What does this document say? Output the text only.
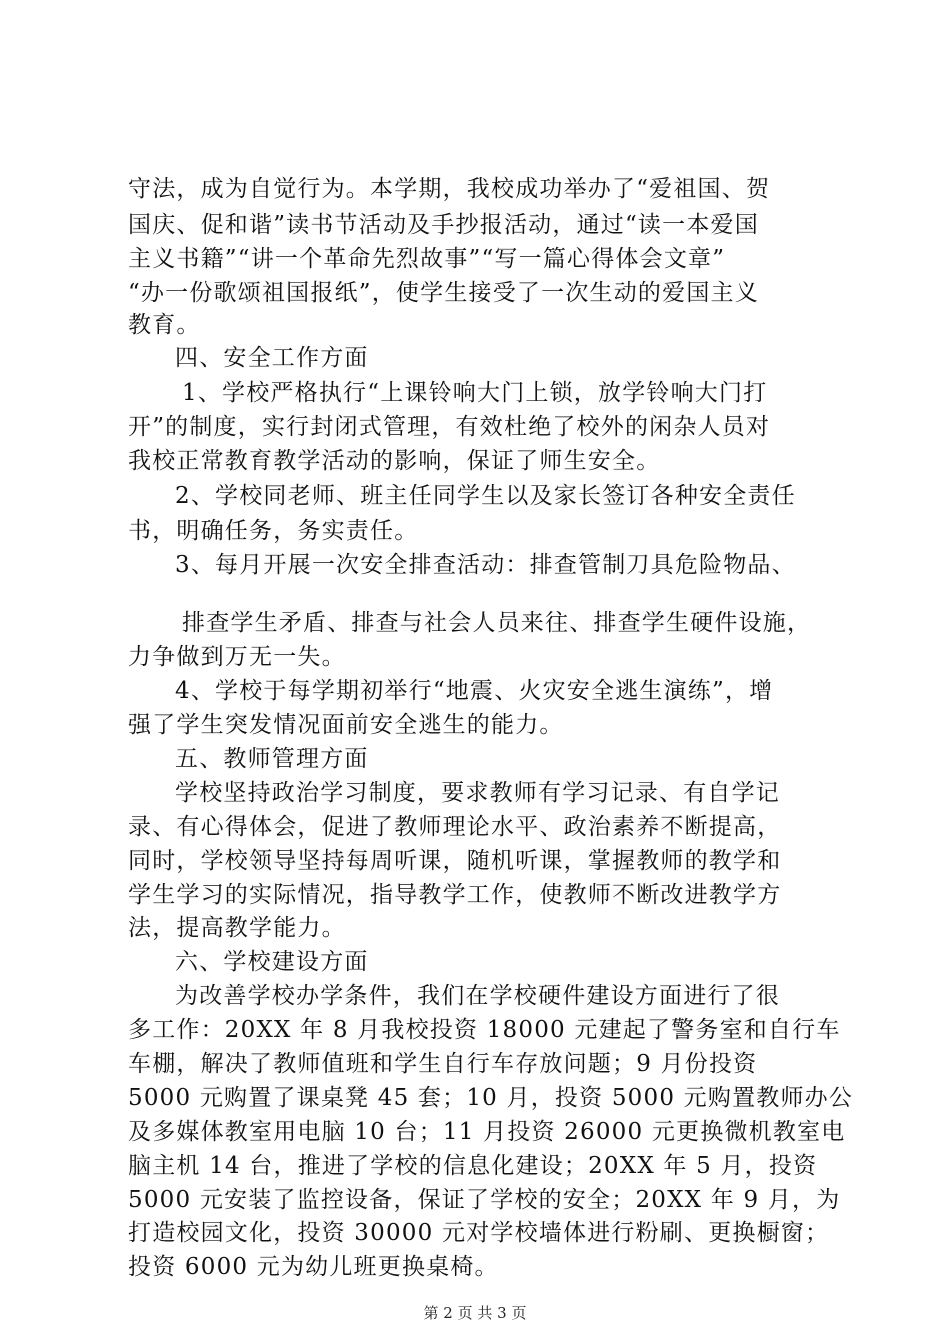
守法，成为自觉行为。本学期，我校成功举办了“爱祖国、贺
国庆、促和谐”读书节活动及手抄报活动，通过“读一本爱国
主义书籍”“讲一个革命先烈故事”“写一篇心得体会文章”
“办一份歌颂祖国报纸”，使学生接受了一次生动的爱国主义
教育。
四、安全工作方面
1、学校严格执行“上课铃响大门上锁，放学铃响大门打
开”的制度，实行封闭式管理，有效杜绝了校外的闲杂人员对
我校正常教育教学活动的影响，保证了师生安全。
2、学校同老师、班主任同学生以及家长签订各种安全责任
书，明确任务，务实责任。
3、每月开展一次安全排查活动：排查管制刀具危险物品、
排查学生矛盾、排查与社会人员来往、排查学生硬件设施，
力争做到万无一失。
4、学校于每学期初举行“地震、火灾安全逃生演练”，增
强了学生突发情况面前安全逃生的能力。
五、教师管理方面
学校坚持政治学习制度，要求教师有学习记录、有自学记
录、有心得体会，促进了教师理论水平、政治素养不断提高，
同时，学校领导坚持每周听课，随机听课，掌握教师的教学和
学生学习的实际情况，指导教学工作，使教师不断改进教学方
法，提高教学能力。
六、学校建设方面
为改善学校办学条件，我们在学校硬件建设方面进行了很
多工作：20XX 年 8 月我校投资 18000 元建起了警务室和自行车
车棚，解决了教师值班和学生自行车存放问题；9 月份投资
5000 元购置了课桌凳 45 套；10 月，投资 5000 元购置教师办公
及多媒体教室用电脑 10 台；11 月投资 26000 元更换微机教室电
脑主机 14 台，推进了学校的信息化建设；20XX 年 5 月，投资
5000 元安装了监控设备，保证了学校的安全；20XX 年 9 月，为
打造校园文化，投资 30000 元对学校墙体进行粉刷、更换橱窗；
投资 6000 元为幼儿班更换桌椅。
第 2 页 共 3 页
